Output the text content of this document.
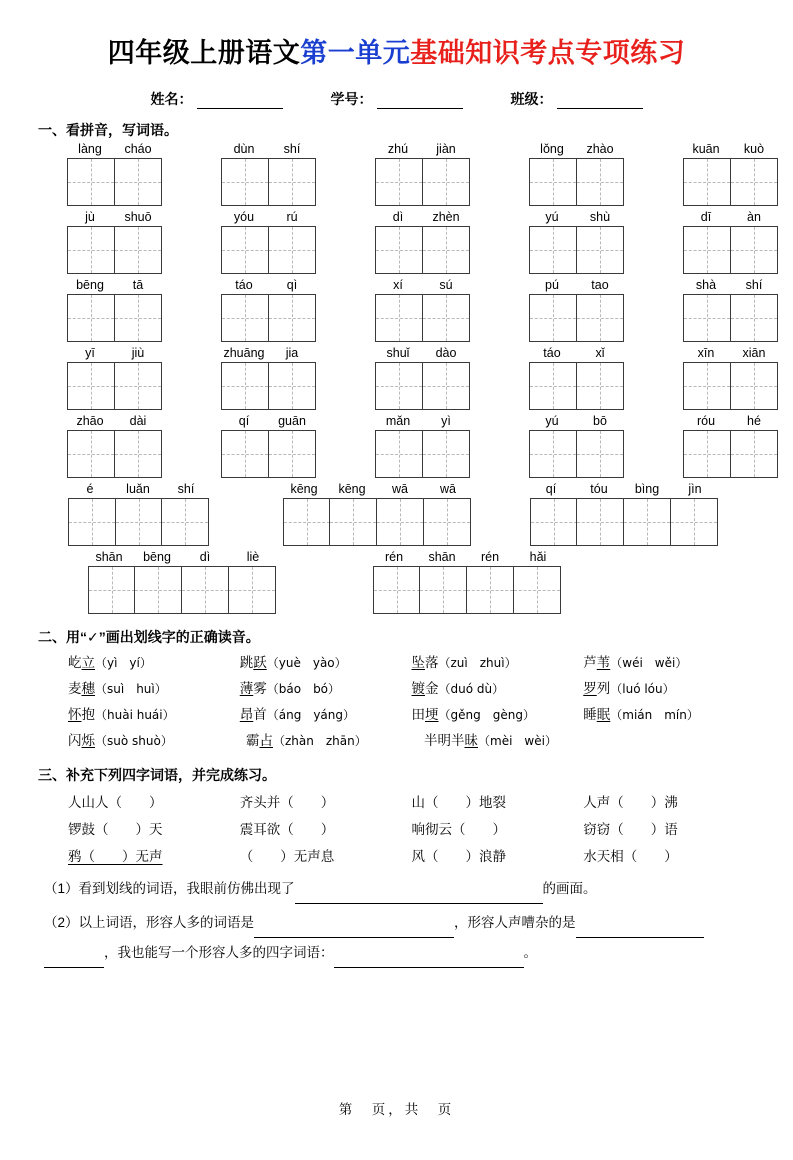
四年级上册语文第一单元基础知识考点专项练习
姓名：	学号：	班级：
一、看拼音，写词语。
làng	cháo	dùn	shí	zhú	jiàn	lǒng	zhào	kuān	kuò
jù	shuō	yóu	rú	dì	zhèn	yú	shù	dī	àn
bēng	tā	táo	qì	xí	sú	pú	tao	shà	shí
yī	jiù	zhuāng	jia	shuǐ	dào	táo	xǐ	xīn	xiān
zhāo	dài	qí	guān	mǎn	yì	yú	bō	róu	hé
é	luǎn	shí	kēng	kēng	wā	wā	qí	tóu	bìng	jìn
shān	bēng	dì	liè	rén	shān	rén	hǎi
二、用“✓”画出划线字的正确读音。
屹立（yì　yí）	跳跃（yuè　yào）	坠落（zuì　zhuì）	芦苇（wéi　wěi）
麦穗（suì　huì）	薄雾（báo　bó）	镀金（duó dù）	罗列（luó lóu）
怀抱（huài huái）	昂首（áng　yáng）	田埂（gěng　gèng）	睡眠（mián　mín）
闪烁（suò shuò）	霸占（zhàn　zhān）	半明半昧（mèi　wèi）
三、补充下列四字词语，并完成练习。
人山人（　　）	齐头并（　　）	山（　　）地裂	人声（　　）沸
锣鼓（　　）天	震耳欲（　　）	响彻云（　　）	窃窃（　　）语
鸦（　　）无声	（　　）无声息	风（　　）浪静	水天相（　　）
（1）看到划线的词语，我眼前仿佛出现了	的画面。
（2）以上词语，形容人多的词语是	，形容人声嘈杂的是
，我也能写一个形容人多的四字词语：	。
第　页，共　页
